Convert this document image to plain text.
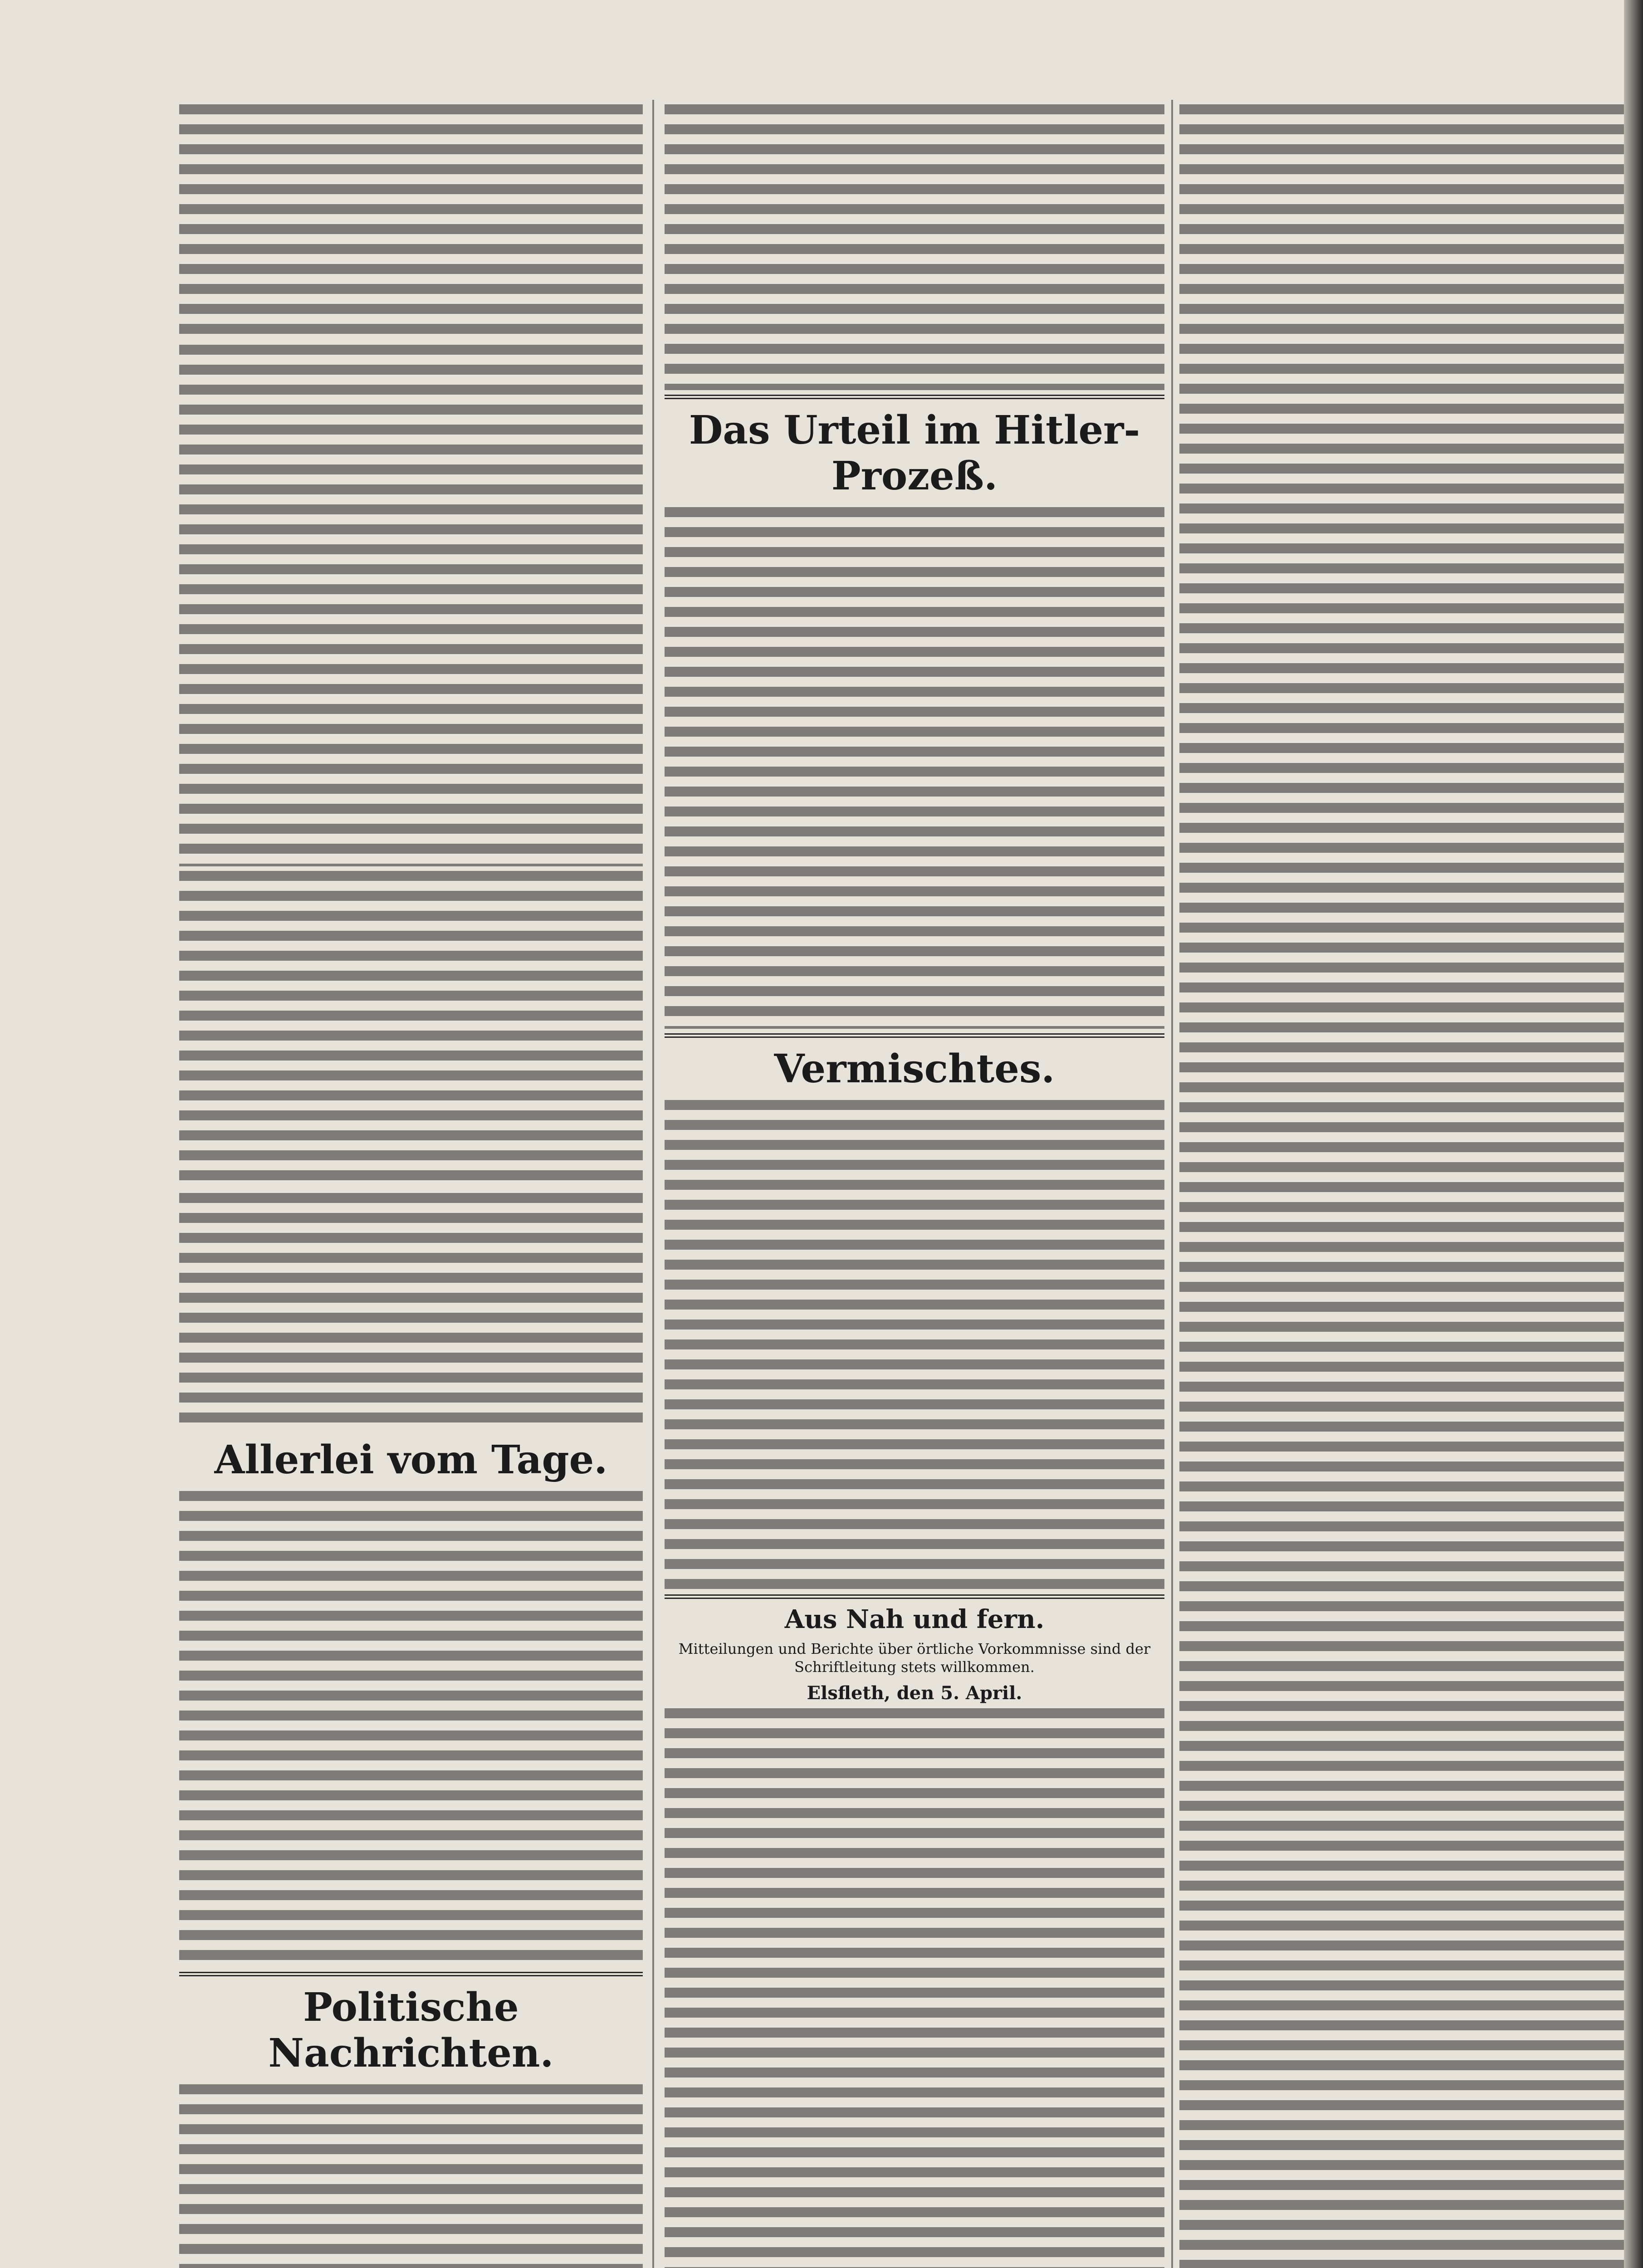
Allerlei vom Tage.
Politische Nachrichten.
Das Urteil im Hitler-Prozeß.
Vermischtes.
Aus Nah und fern.
Mitteilungen und Berichte über örtliche Vorkommnisse sind der Schriftleitung stets willkommen.
Elsfleth, den 5. April.
